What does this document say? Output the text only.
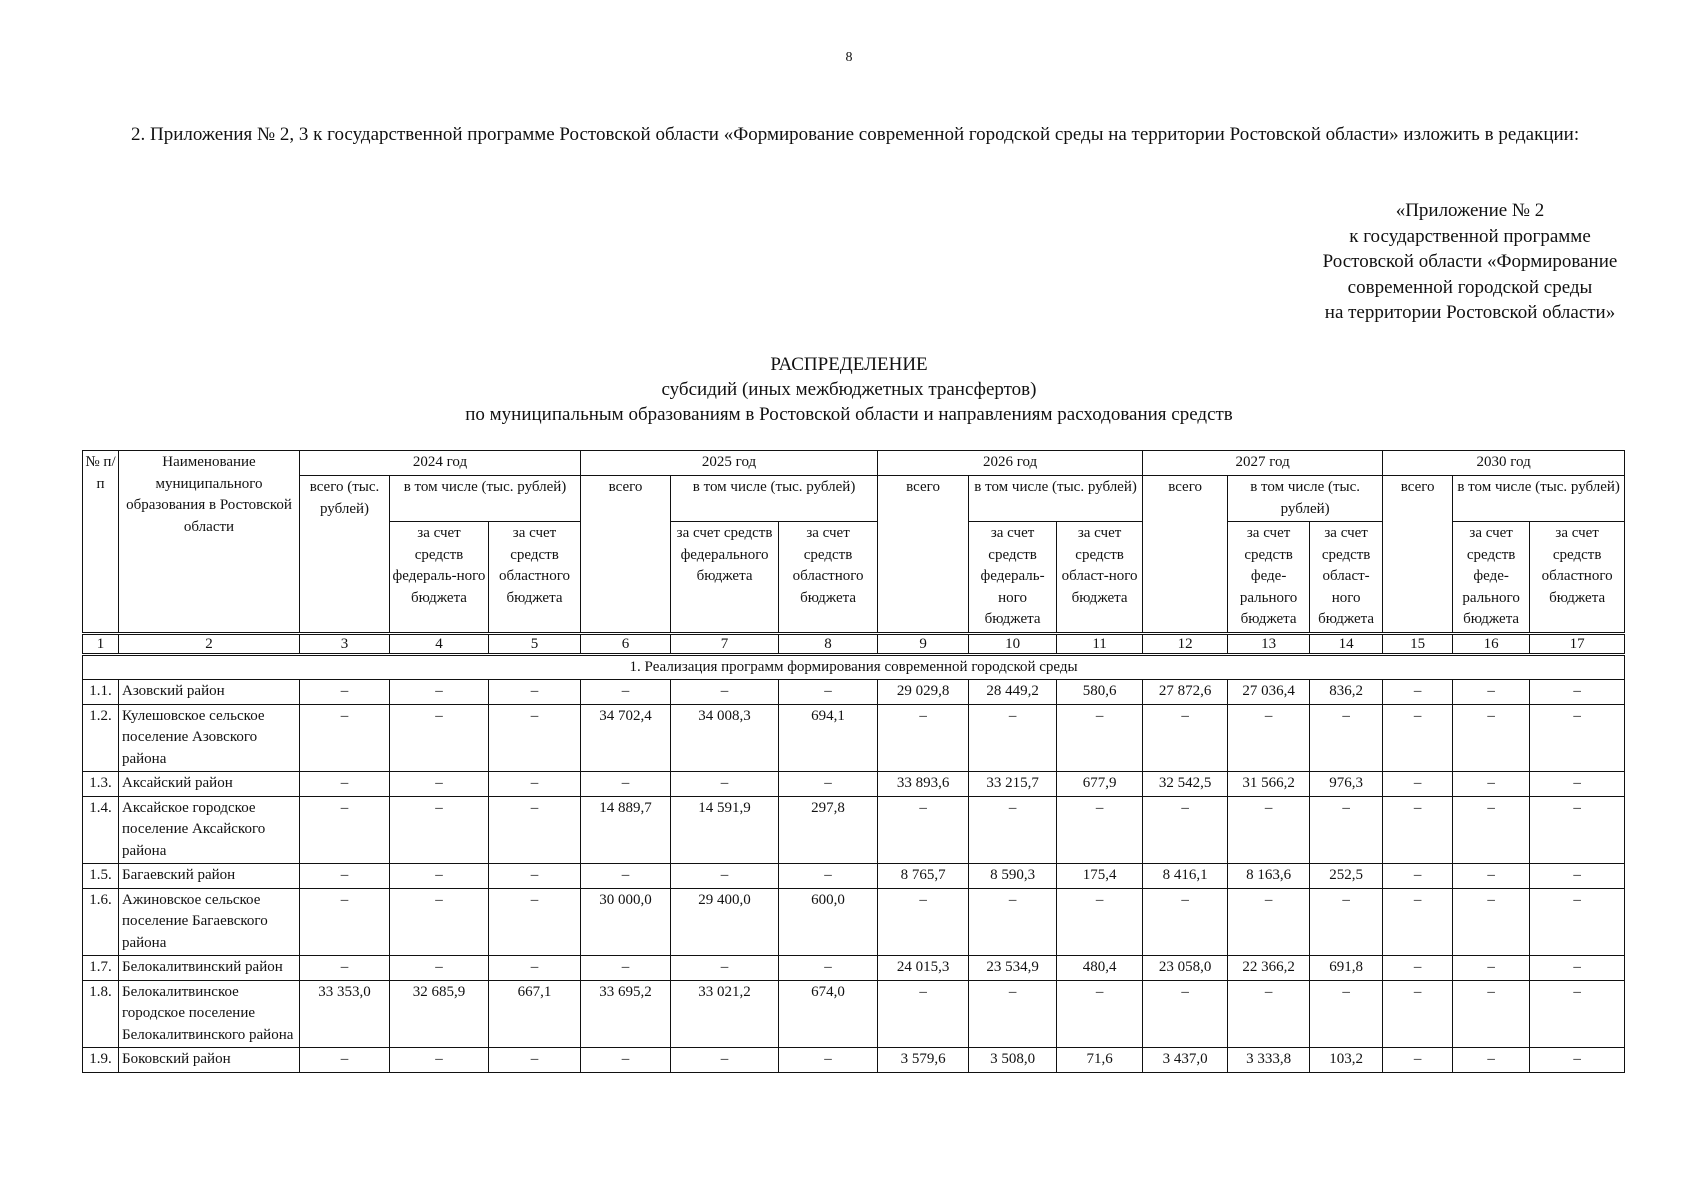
8
2. Приложения № 2, 3 к государственной программе Ростовской области «Формирование современной городской среды на территории Ростовской области» изложить в редакции:
«Приложение № 2
к государственной программе
Ростовской области «Формирование
современной городской среды
на территории Ростовской области»
РАСПРЕДЕЛЕНИЕ
субсидий (иных межбюджетных трансфертов)
по муниципальным образованиям в Ростовской области и направлениям расходования средств
№ п/п	Наименование муниципального образования в Ростовской области	2024 год			2025 год			2026 год			2027 год			2030 год		
		всего (тыс. рублей)	в том числе (тыс. рублей)		всего	в том числе (тыс. рублей)		всего	в том числе (тыс. рублей)		всего	в том числе (тыс. рублей)		всего	в том числе (тыс. рублей)	
			за счет средств федераль-ного бюджета	за счет средств областного бюджета		за счет средств федерального бюджета	за счет средств областного бюджета		за счет средств федераль-ного бюджета	за счет средств област-ного бюджета		за счет средств феде-рального бюджета	за счет средств област-ного бюджета		за счет средств феде-рального бюджета	за счет средств областного бюджета
1	2	3	4	5	6	7	8	9	10	11	12	13	14	15	16	17
1. Реализация программ формирования современной городской среды																
1.1.	Азовский район	–	–	–	–	–	–	29 029,8	28 449,2	580,6	27 872,6	27 036,4	836,2	–	–	–
1.2.	Кулешовское сельское поселение Азовского района	–	–	–	34 702,4	34 008,3	694,1	–	–	–	–	–	–	–	–	–
1.3.	Аксайский район	–	–	–	–	–	–	33 893,6	33 215,7	677,9	32 542,5	31 566,2	976,3	–	–	–
1.4.	Аксайское городское поселение Аксайского района	–	–	–	14 889,7	14 591,9	297,8	–	–	–	–	–	–	–	–	–
1.5.	Багаевский район	–	–	–	–	–	–	8 765,7	8 590,3	175,4	8 416,1	8 163,6	252,5	–	–	–
1.6.	Ажиновское сельское поселение Багаевского района	–	–	–	30 000,0	29 400,0	600,0	–	–	–	–	–	–	–	–	–
1.7.	Белокалитвинский район	–	–	–	–	–	–	24 015,3	23 534,9	480,4	23 058,0	22 366,2	691,8	–	–	–
1.8.	Белокалитвинское городское поселение Белокалитвинского района	33 353,0	32 685,9	667,1	33 695,2	33 021,2	674,0	–	–	–	–	–	–	–	–	–
1.9.	Боковский район	–	–	–	–	–	–	3 579,6	3 508,0	71,6	3 437,0	3 333,8	103,2	–	–	–
